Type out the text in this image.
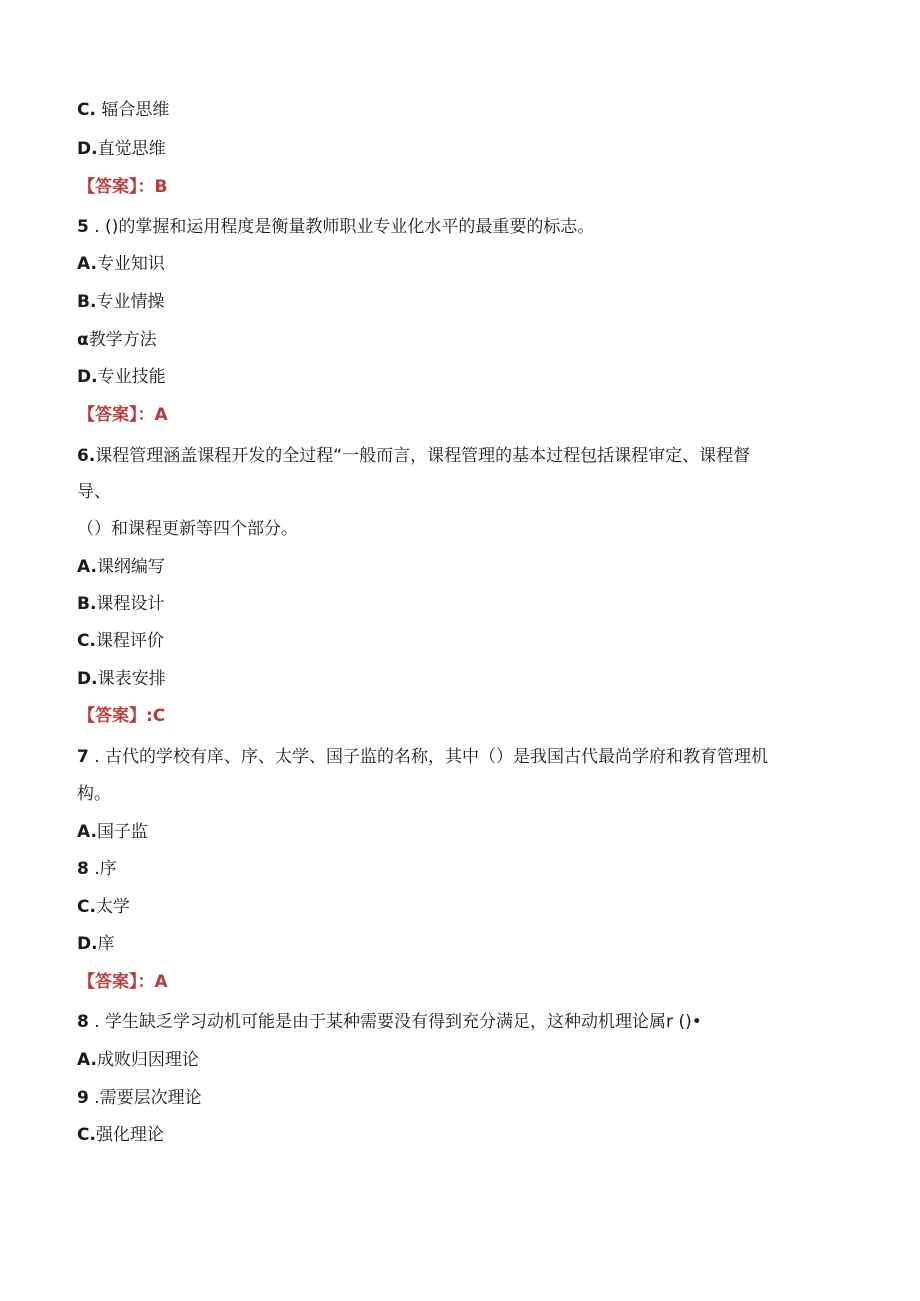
C. 辐合思维
D.直觉思维
【答案】：B
5 . ()的掌握和运用程度是衡量教师职业专业化水平的最重要的标志。
A.专业知识
B.专业情操
α教学方法
D.专业技能
【答案】：A
6.课程管理涵盖课程开发的全过程“一般而言，课程管理的基本过程包括课程审定、课程督
导、
（）和课程更新等四个部分。
A.课纲编写
B.课程设计
C.课程评价
D.课表安排
【答案】:C
7 . 古代的学校有庠、序、太学、国子监的名称，其中（）是我国古代最尚学府和教育管理机
构。
A.国子监
8 .序
C.太学
D.庠
【答案】：A
8 . 学生缺乏学习动机可能是由于某种需要没有得到充分满足，这种动机理论属r ()•
A.成败归因理论
9 .需要层次理论
C.强化理论
